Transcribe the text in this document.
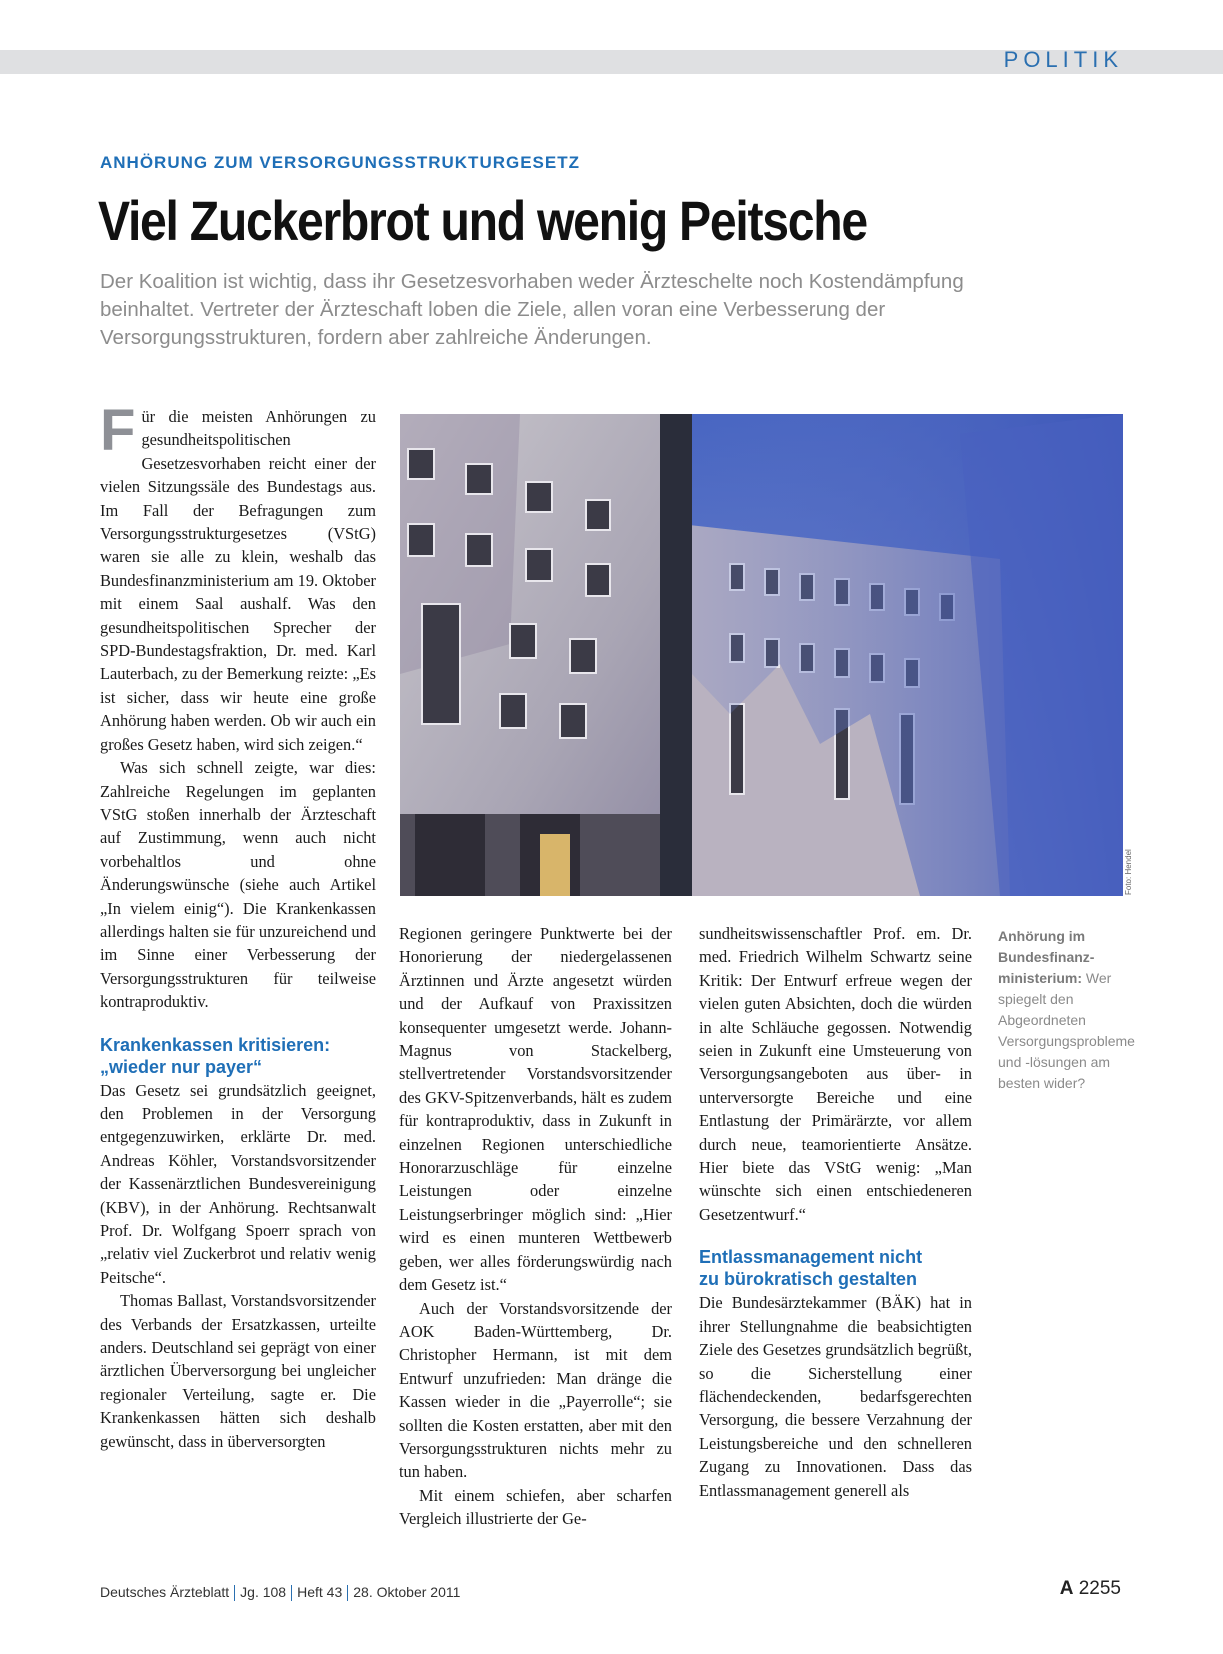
POLITIK
ANHÖRUNG ZUM VERSORGUNGSSTRUKTURGESETZ
Viel Zuckerbrot und wenig Peitsche
Der Koalition ist wichtig, dass ihr Gesetzesvorhaben weder Ärzteschelte noch Kostendämpfung beinhaltet. Vertreter der Ärzteschaft loben die Ziele, allen voran eine Verbesserung der Versorgungsstrukturen, fordern aber zahlreiche Änderungen.
F ür die meisten Anhörungen zu gesundheitspolitischen Gesetzesvorhaben reicht einer der vielen Sitzungssäle des Bundestags aus. Im Fall der Befragungen zum Versorgungsstrukturgesetzes (VStG) waren sie alle zu klein, weshalb das Bundesfinanzministerium am 19. Oktober mit einem Saal aushalf. Was den gesundheitspolitischen Sprecher der SPD-Bundestagsfraktion, Dr. med. Karl Lauterbach, zu der Bemerkung reizte: „Es ist sicher, dass wir heute eine große Anhörung haben werden. Ob wir auch ein großes Gesetz haben, wird sich zeigen.“

Was sich schnell zeigte, war dies: Zahlreiche Regelungen im geplanten VStG stoßen innerhalb der Ärzteschaft auf Zustimmung, wenn auch nicht vorbehaltlos und ohne Änderungswünsche (siehe auch Artikel „In vielem einig“). Die Krankenkassen allerdings halten sie für unzureichend und im Sinne einer Verbesserung der Versorgungsstrukturen für teilweise kontraproduktiv.

Krankenkassen kritisieren:
„wieder nur payer“

Das Gesetz sei grundsätzlich geeignet, den Problemen in der Versorgung entgegenzuwirken, erklärte Dr. med. Andreas Köhler, Vorstandsvorsitzender der Kassenärztlichen Bundesvereinigung (KBV), in der Anhörung. Rechtsanwalt Prof. Dr. Wolfgang Spoerr sprach von „relativ viel Zuckerbrot und relativ wenig Peitsche“.

Thomas Ballast, Vorstandsvorsitzender des Verbands der Ersatzkassen, urteilte anders. Deutschland sei geprägt von einer ärztlichen Überversorgung bei ungleicher regionaler Verteilung, sagte er. Die Krankenkassen hätten sich deshalb gewünscht, dass in überversorgten

Foto: Hendel
Anhörung im Bundesfinanzministerium: Wer spiegelt den Abgeordneten Versorgungsprobleme und -lösungen am besten wider?

Regionen geringere Punktwerte bei der Honorierung der niedergelassenen Ärztinnen und Ärzte angesetzt würden und der Aufkauf von Praxissitzen konsequenter umgesetzt werde. Johann-Magnus von Stackelberg, stellvertretender Vorstandsvorsitzender des GKV-Spitzenverbands, hält es zudem für kontraproduktiv, dass in Zukunft in einzelnen Regionen unterschiedliche Honorarzuschläge für einzelne Leistungen oder einzelne Leistungserbringer möglich sind: „Hier wird es einen munteren Wettbewerb geben, wer alles förderungswürdig nach dem Gesetz ist.“

Auch der Vorstandsvorsitzende der AOK Baden-Württemberg, Dr. Christopher Hermann, ist mit dem Entwurf unzufrieden: Man dränge die Kassen wieder in die „Payerrolle“; sie sollten die Kosten erstatten, aber mit den Versorgungsstrukturen nichts mehr zu tun haben.

Mit einem schiefen, aber scharfen Vergleich illustrierte der Ge-

sundheitswissenschaftler Prof. em. Dr. med. Friedrich Wilhelm Schwartz seine Kritik: Der Entwurf erfreue wegen der vielen guten Absichten, doch die würden in alte Schläuche gegossen. Notwendig seien in Zukunft eine Umsteuerung von Versorgungsangeboten aus über- in unterversorgte Bereiche und eine Entlastung der Primärärzte, vor allem durch neue, teamorientierte Ansätze. Hier biete das VStG wenig: „Man wünschte sich einen entschiedeneren Gesetzentwurf.“

Entlassmanagement nicht
zu bürokratisch gestalten

Die Bundesärztekammer (BÄK) hat in ihrer Stellungnahme die beabsichtigten Ziele des Gesetzes grundsätzlich begrüßt, so die Sicherstellung einer flächendeckenden, bedarfsgerechten Versorgung, die bessere Verzahnung der Leistungsbereiche und den schnelleren Zugang zu Innovationen. Dass das Entlassmanagement generell als

Deutsches Ärzteblatt Jg. 108 Heft 43 28. Oktober 2011	A 2255
